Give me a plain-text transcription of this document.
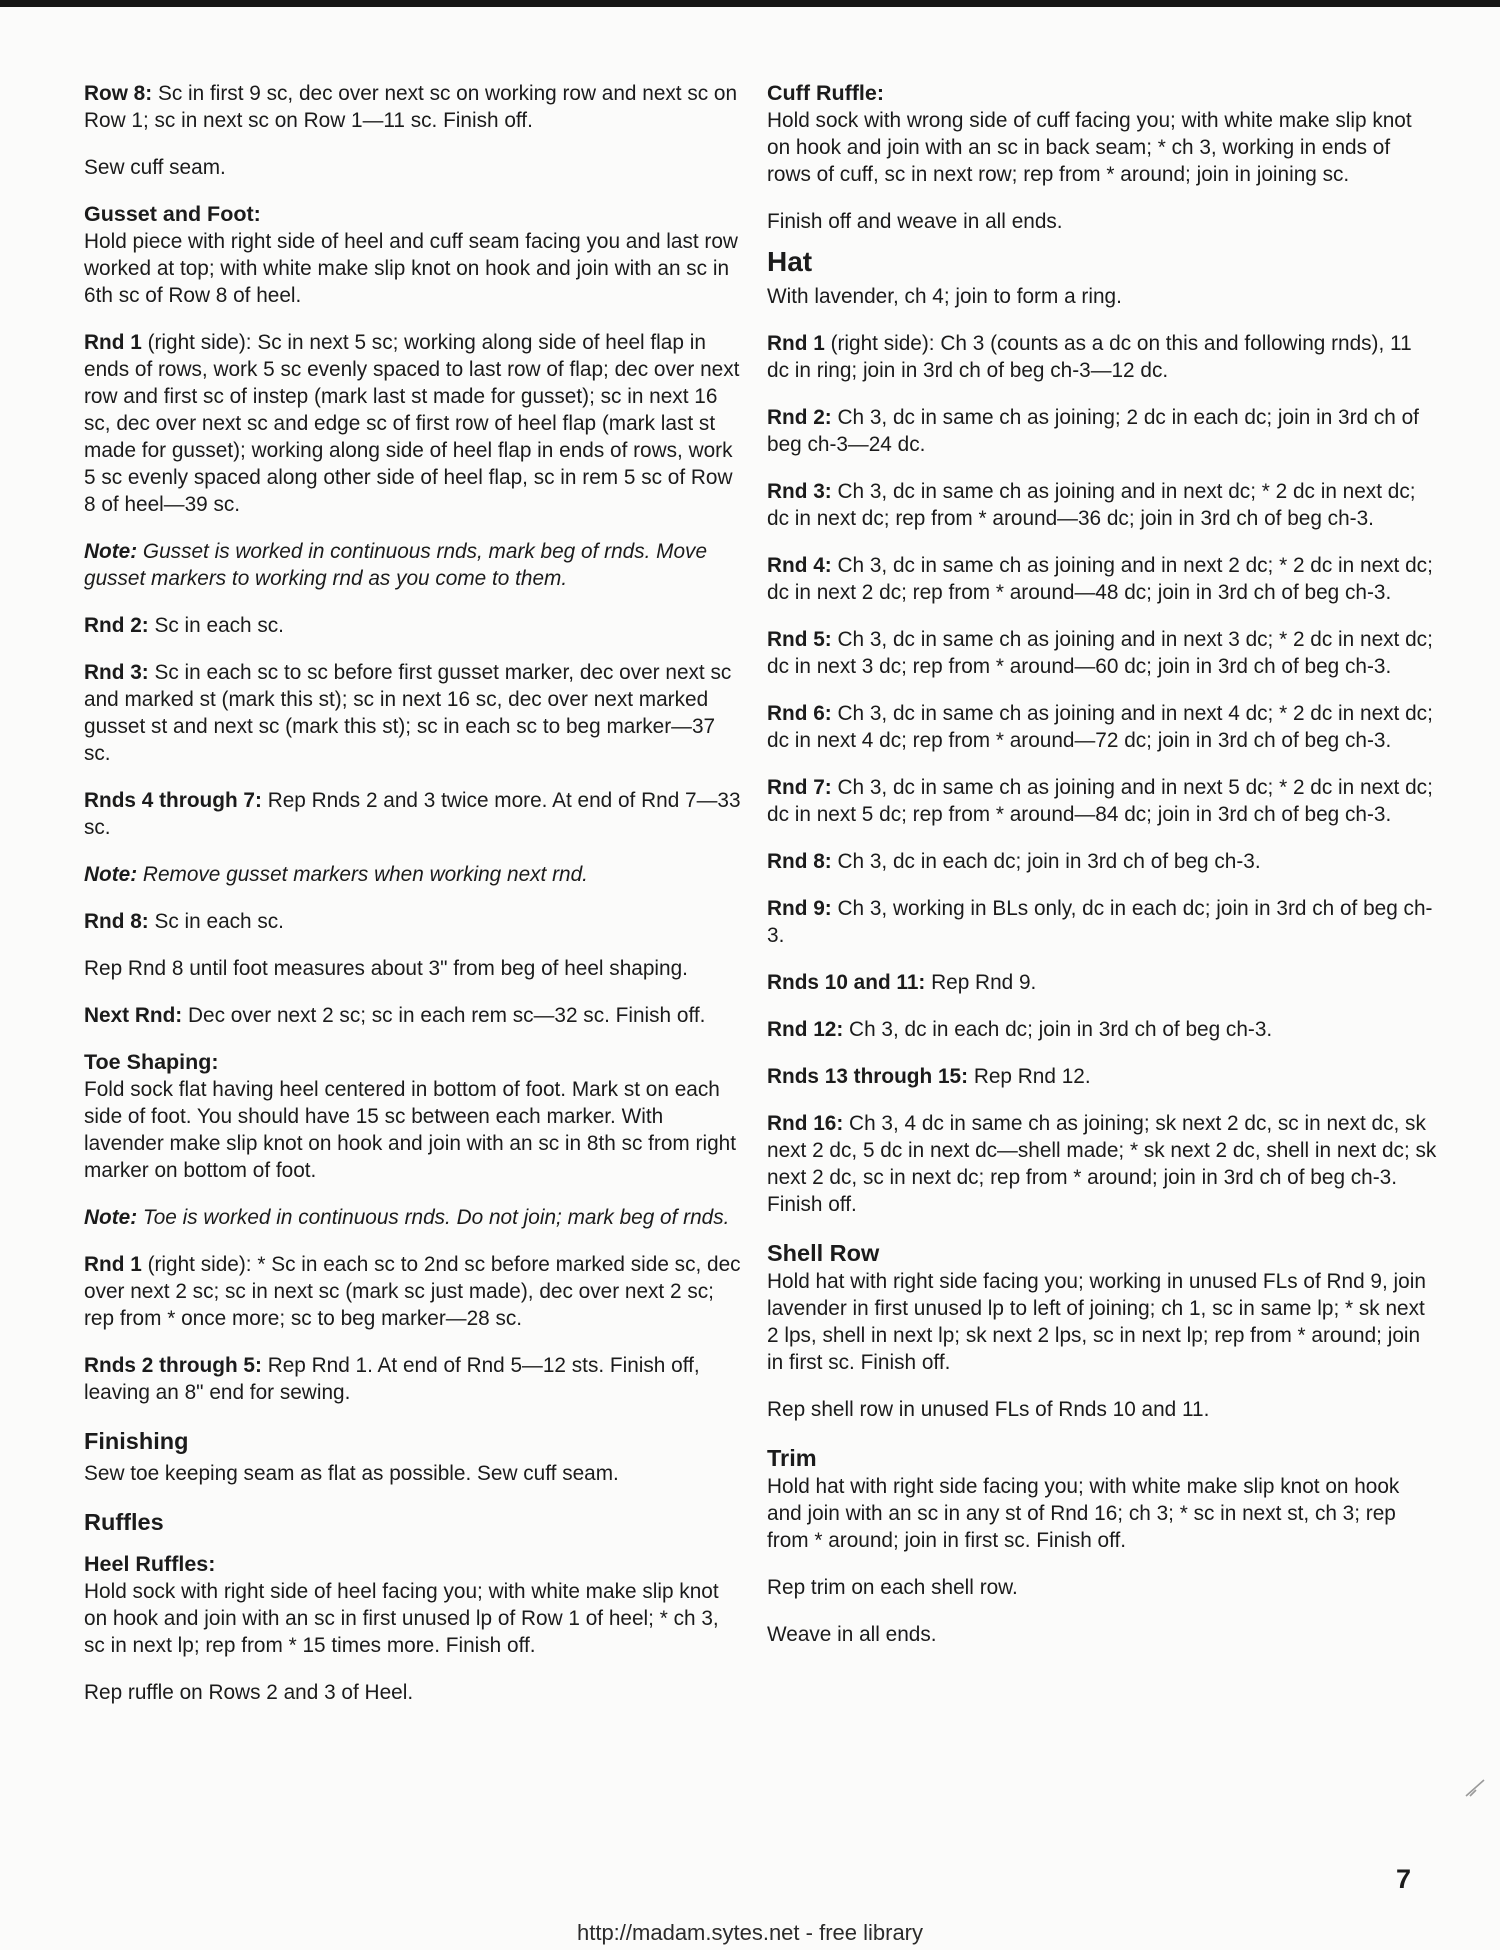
Row 8: Sc in first 9 sc, dec over next sc on working row and next sc on Row 1; sc in next sc on Row 1—11 sc. Finish off.

Sew cuff seam.

Gusset and Foot:

Hold piece with right side of heel and cuff seam facing you and last row worked at top; with white make slip knot on hook and join with an sc in 6th sc of Row 8 of heel.

Rnd 1 (right side): Sc in next 5 sc; working along side of heel flap in ends of rows, work 5 sc evenly spaced to last row of flap; dec over next row and first sc of instep (mark last st made for gusset); sc in next 16 sc, dec over next sc and edge sc of first row of heel flap (mark last st made for gusset); working along side of heel flap in ends of rows, work 5 sc evenly spaced along other side of heel flap, sc in rem 5 sc of Row 8 of heel—39 sc.

Note: Gusset is worked in continuous rnds, mark beg of rnds. Move gusset markers to working rnd as you come to them.

Rnd 2: Sc in each sc.

Rnd 3: Sc in each sc to sc before first gusset marker, dec over next sc and marked st (mark this st); sc in next 16 sc, dec over next marked gusset st and next sc (mark this st); sc in each sc to beg marker—37 sc.

Rnds 4 through 7: Rep Rnds 2 and 3 twice more. At end of Rnd 7—33 sc.

Note: Remove gusset markers when working next rnd.

Rnd 8: Sc in each sc.

Rep Rnd 8 until foot measures about 3" from beg of heel shaping.

Next Rnd: Dec over next 2 sc; sc in each rem sc—32 sc. Finish off.

Toe Shaping:

Fold sock flat having heel centered in bottom of foot. Mark st on each side of foot. You should have 15 sc between each marker. With lavender make slip knot on hook and join with an sc in 8th sc from right marker on bottom of foot.

Note: Toe is worked in continuous rnds. Do not join; mark beg of rnds.

Rnd 1 (right side): * Sc in each sc to 2nd sc before marked side sc, dec over next 2 sc; sc in next sc (mark sc just made), dec over next 2 sc; rep from * once more; sc to beg marker—28 sc.

Rnds 2 through 5: Rep Rnd 1. At end of Rnd 5—12 sts. Finish off, leaving an 8" end for sewing.

Finishing

Sew toe keeping seam as flat as possible. Sew cuff seam.

Ruffles

Heel Ruffles:

Hold sock with right side of heel facing you; with white make slip knot on hook and join with an sc in first unused lp of Row 1 of heel; * ch 3, sc in next lp; rep from * 15 times more. Finish off.

Rep ruffle on Rows 2 and 3 of Heel.

Cuff Ruffle:

Hold sock with wrong side of cuff facing you; with white make slip knot on hook and join with an sc in back seam; * ch 3, working in ends of rows of cuff, sc in next row; rep from * around; join in joining sc.

Finish off and weave in all ends.

Hat

With lavender, ch 4; join to form a ring.

Rnd 1 (right side): Ch 3 (counts as a dc on this and following rnds), 11 dc in ring; join in 3rd ch of beg ch-3—12 dc.

Rnd 2: Ch 3, dc in same ch as joining; 2 dc in each dc; join in 3rd ch of beg ch-3—24 dc.

Rnd 3: Ch 3, dc in same ch as joining and in next dc; * 2 dc in next dc; dc in next dc; rep from * around—36 dc; join in 3rd ch of beg ch-3.

Rnd 4: Ch 3, dc in same ch as joining and in next 2 dc; * 2 dc in next dc; dc in next 2 dc; rep from * around—48 dc; join in 3rd ch of beg ch-3.

Rnd 5: Ch 3, dc in same ch as joining and in next 3 dc; * 2 dc in next dc; dc in next 3 dc; rep from * around—60 dc; join in 3rd ch of beg ch-3.

Rnd 6: Ch 3, dc in same ch as joining and in next 4 dc; * 2 dc in next dc; dc in next 4 dc; rep from * around—72 dc; join in 3rd ch of beg ch-3.

Rnd 7: Ch 3, dc in same ch as joining and in next 5 dc; * 2 dc in next dc; dc in next 5 dc; rep from * around—84 dc; join in 3rd ch of beg ch-3.

Rnd 8: Ch 3, dc in each dc; join in 3rd ch of beg ch-3.

Rnd 9: Ch 3, working in BLs only, dc in each dc; join in 3rd ch of beg ch-3.

Rnds 10 and 11: Rep Rnd 9.

Rnd 12: Ch 3, dc in each dc; join in 3rd ch of beg ch-3.

Rnds 13 through 15: Rep Rnd 12.

Rnd 16: Ch 3, 4 dc in same ch as joining; sk next 2 dc, sc in next dc, sk next 2 dc, 5 dc in next dc—shell made; * sk next 2 dc, shell in next dc; sk next 2 dc, sc in next dc; rep from * around; join in 3rd ch of beg ch-3. Finish off.

Shell Row

Hold hat with right side facing you; working in unused FLs of Rnd 9, join lavender in first unused lp to left of joining; ch 1, sc in same lp; * sk next 2 lps, shell in next lp; sk next 2 lps, sc in next lp; rep from * around; join in first sc. Finish off.

Rep shell row in unused FLs of Rnds 10 and 11.

Trim

Hold hat with right side facing you; with white make slip knot on hook and join with an sc in any st of Rnd 16; ch 3; * sc in next st, ch 3; rep from * around; join in first sc. Finish off.

Rep trim on each shell row.

Weave in all ends.

7
http://madam.sytes.net - free library
